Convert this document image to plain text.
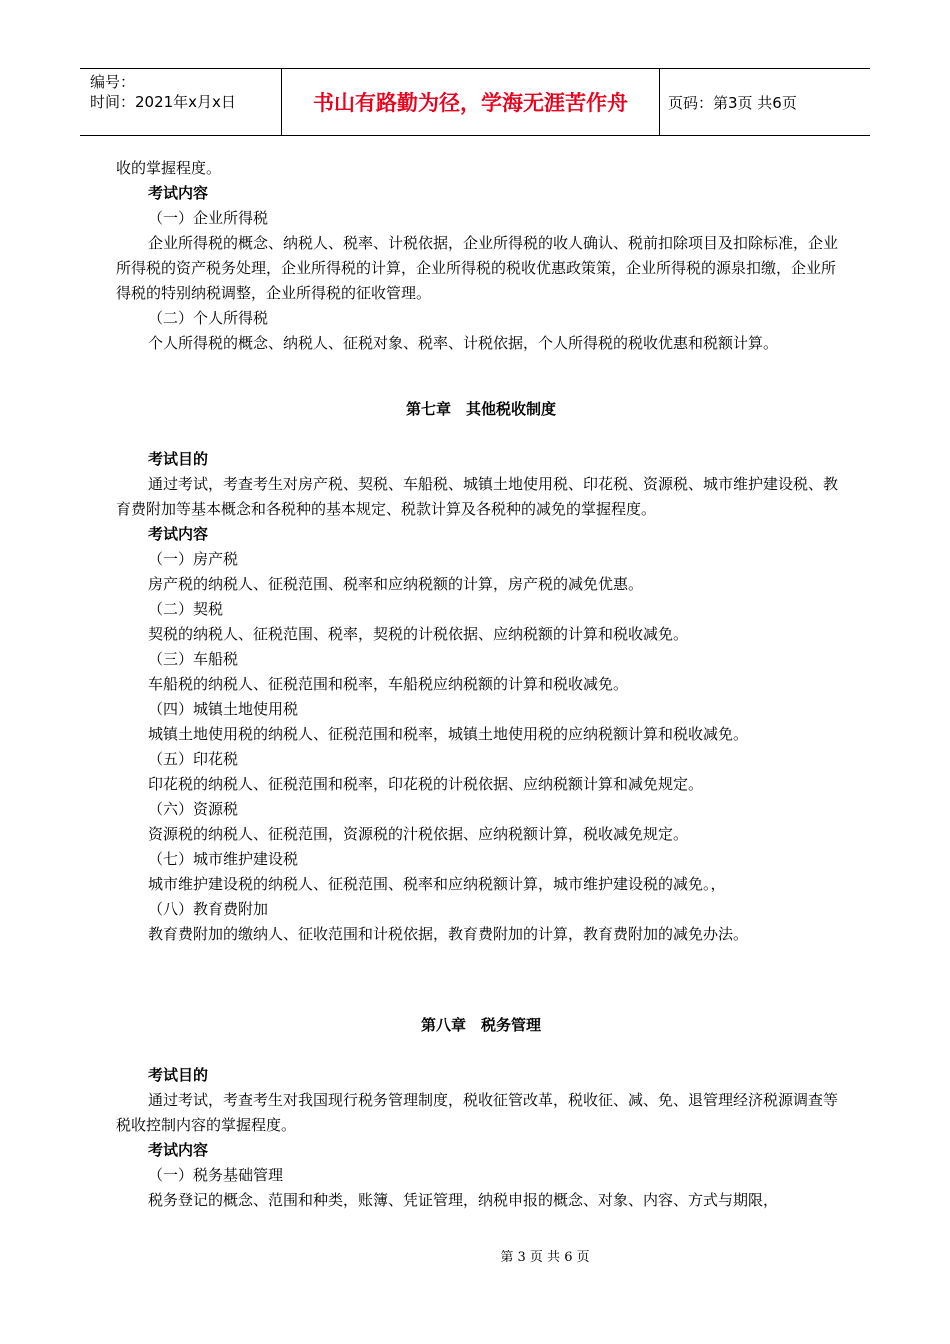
编号：
时间：2021年x月x日	书山有路勤为径，学海无涯苦作舟	页码：第3页 共6页

收的掌握程度。

考试内容

（一）企业所得税

企业所得税的概念、纳税人、税率、计税依据，企业所得税的收人确认、税前扣除项目及扣除标准，企业所得税的资产税务处理，企业所得税的计算，企业所得税的税收优惠政策策，企业所得税的源泉扣缴，企业所得税的特别纳税调整，企业所得税的征收管理。

（二）个人所得税

个人所得税的概念、纳税人、征税对象、税率、计税依据，个人所得税的税收优惠和税额计算。

第七章　其他税收制度

考试目的

通过考试，考查考生对房产税、契税、车船税、城镇土地使用税、印花税、资源税、城市维护建设税、教育费附加等基本概念和各税种的基本规定、税款计算及各税种的减免的掌握程度。

考试内容

（一）房产税

房产税的纳税人、征税范围、税率和应纳税额的计算，房产税的减免优惠。

（二）契税

契税的纳税人、征税范围、税率，契税的计税依据、应纳税额的计算和税收减免。

（三）车船税

车船税的纳税人、征税范围和税率，车船税应纳税额的计算和税收减免。

（四）城镇土地使用税

城镇土地使用税的纳税人、征税范围和税率，城镇土地使用税的应纳税额计算和税收减免。

（五）印花税

印花税的纳税人、征税范围和税率，印花税的计税依据、应纳税额计算和减免规定。

（六）资源税

资源税的纳税人、征税范围，资源税的汁税依据、应纳税额计算，税收减免规定。

（七）城市维护建设税

城市维护建设税的纳税人、征税范围、税率和应纳税额计算，城市维护建设税的减免。，

（八）教育费附加

教育费附加的缴纳人、征收范围和计税依据，教育费附加的计算，教育费附加的减免办法。

第八章　税务管理

考试目的

通过考试，考查考生对我国现行税务管理制度，税收征管改革，税收征、减、免、退管理经济税源调查等税收控制内容的掌握程度。

考试内容

（一）税务基础管理

税务登记的概念、范围和种类，账簿、凭证管理，纳税申报的概念、对象、内容、方式与期限，

第 3 页 共 6 页
